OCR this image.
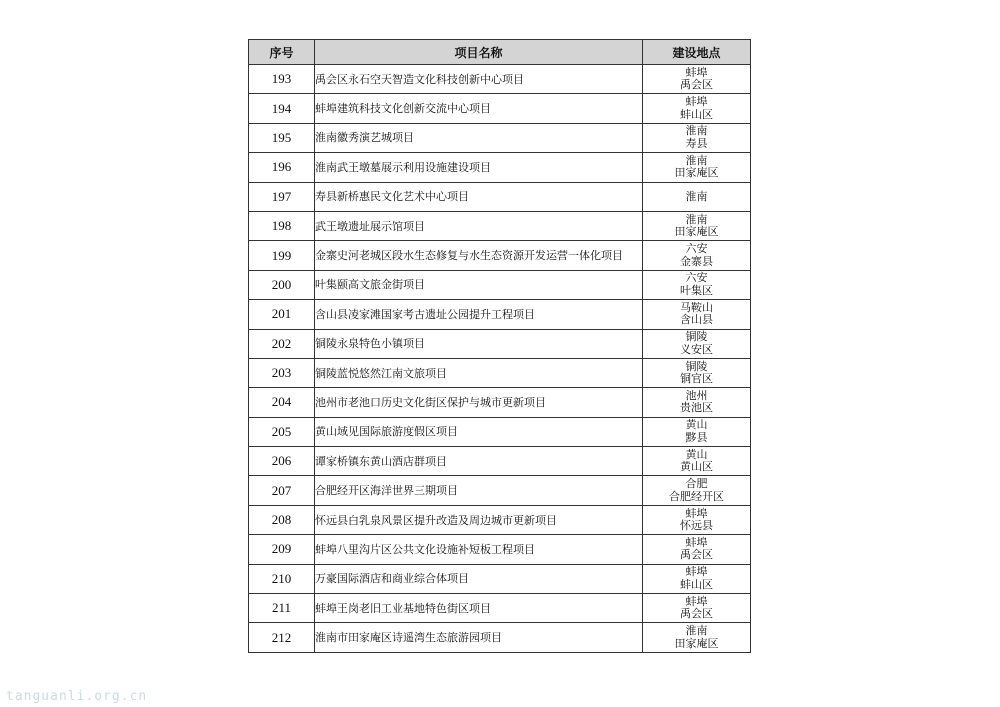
序号	项目名称	建设地点
193	禹会区永石空天智造文化科技创新中心项目	蚌埠
禹会区

194	蚌埠建筑科技文化创新交流中心项目	蚌埠
蚌山区

195	淮南徽秀演艺城项目	淮南
寿县

196	淮南武王墩墓展示利用设施建设项目	淮南
田家庵区

197	寿县新桥惠民文化艺术中心项目	淮南

198	武王墩遗址展示馆项目	淮南
田家庵区

199	金寨史河老城区段水生态修复与水生态资源开发运营一体化项目	六安
金寨县

200	叶集颐高文旅金街项目	六安
叶集区

201	含山县凌家滩国家考古遗址公园提升工程项目	马鞍山
含山县

202	铜陵永泉特色小镇项目	铜陵
义安区

203	铜陵蓝悦悠然江南文旅项目	铜陵
铜官区

204	池州市老池口历史文化街区保护与城市更新项目	池州
贵池区

205	黄山域见国际旅游度假区项目	黄山
黟县

206	谭家桥镇东黄山酒店群项目	黄山
黄山区

207	合肥经开区海洋世界三期项目	合肥
合肥经开区

208	怀远县白乳泉风景区提升改造及周边城市更新项目	蚌埠
怀远县

209	蚌埠八里沟片区公共文化设施补短板工程项目	蚌埠
禹会区

210	万豪国际酒店和商业综合体项目	蚌埠
蚌山区

211	蚌埠王岗老旧工业基地特色街区项目	蚌埠
禹会区

212	淮南市田家庵区诗遥湾生态旅游园项目	淮南
田家庵区
tanguanli.org.cn
